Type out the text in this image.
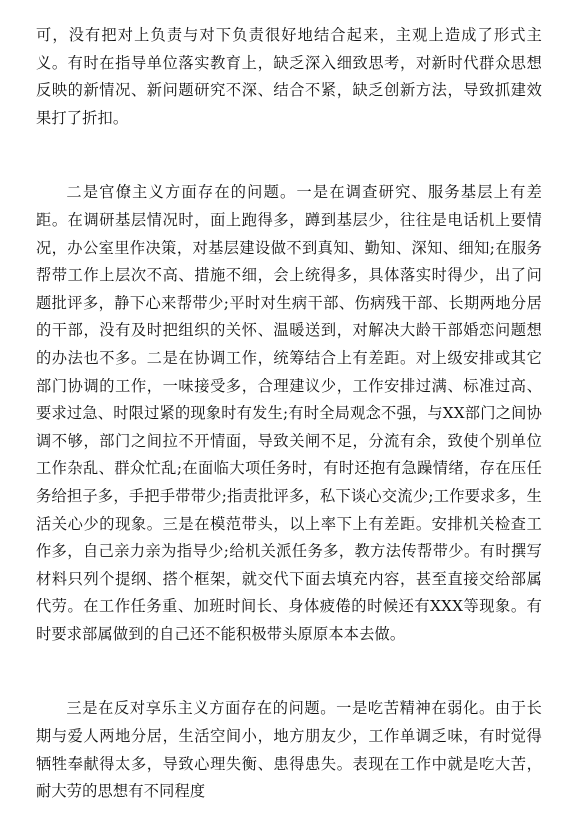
可，没有把对上负责与对下负责很好地结合起来，主观上造成了形式主义。有时在指导单位落实教育上，缺乏深入细致思考，对新时代群众思想反映的新情况、新问题研究不深、结合不紧，缺乏创新方法，导致抓建效果打了折扣。

二是官僚主义方面存在的问题。一是在调查研究、服务基层上有差距。在调研基层情况时，面上跑得多，蹲到基层少，往往是电话机上要情况，办公室里作决策，对基层建设做不到真知、勤知、深知、细知;在服务帮带工作上层次不高、措施不细，会上统得多，具体落实时得少，出了问题批评多，静下心来帮带少;平时对生病干部、伤病残干部、长期两地分居的干部，没有及时把组织的关怀、温暖送到，对解决大龄干部婚恋问题想的办法也不多。二是在协调工作，统筹结合上有差距。对上级安排或其它部门协调的工作，一味接受多，合理建议少，工作安排过满、标准过高、要求过急、时限过紧的现象时有发生;有时全局观念不强，与XX部门之间协调不够，部门之间拉不开情面，导致关闸不足，分流有余，致使个别单位工作杂乱、群众忙乱;在面临大项任务时，有时还抱有急躁情绪，存在压任务给担子多，手把手带带少;指责批评多，私下谈心交流少;工作要求多，生活关心少的现象。三是在模范带头，以上率下上有差距。安排机关检查工作多，自己亲力亲为指导少;给机关派任务多，教方法传帮带少。有时撰写材料只列个提纲、搭个框架，就交代下面去填充内容，甚至直接交给部属代劳。在工作任务重、加班时间长、身体疲倦的时候还有XXX等现象。有时要求部属做到的自己还不能积极带头原原本本去做。

三是在反对享乐主义方面存在的问题。一是吃苦精神在弱化。由于长期与爱人两地分居，生活空间小，地方朋友少，工作单调乏味，有时觉得牺牲奉献得太多，导致心理失衡、患得患失。表现在工作中就是吃大苦，耐大劳的思想有不同程度
